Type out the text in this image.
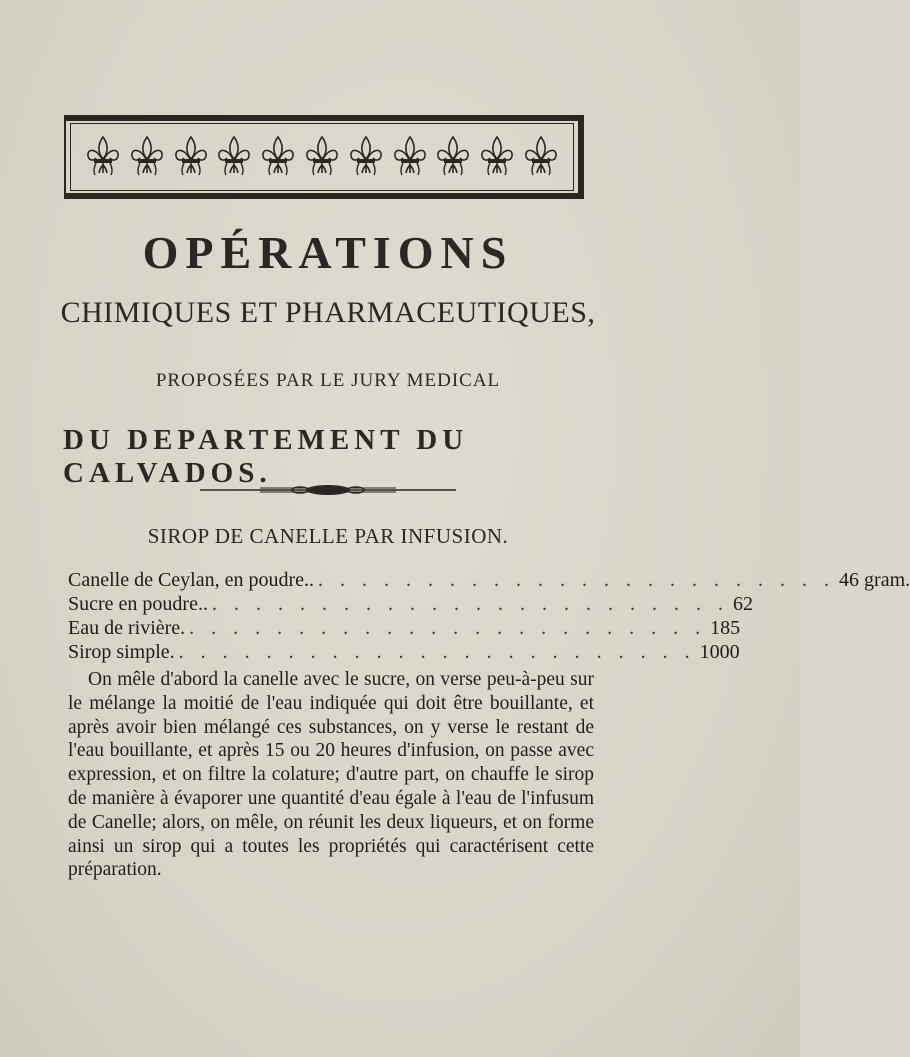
OPÉRATIONS
CHIMIQUES ET PHARMACEUTIQUES,
PROPOSÉES PAR LE JURY MEDICAL
DU DEPARTEMENT DU CALVADOS.
SIROP DE CANELLE PAR INFUSION.
Canelle de Ceylan, en poudre.. . . . . . . . . . . . . . . . . . . . . . . . . 46 gram.
Sucre en poudre.. . . . . . . . . . . . . . . . . . . . . . . . . 62
Eau de rivière. . . . . . . . . . . . . . . . . . . . . . . . . 185
Sirop simple. . . . . . . . . . . . . . . . . . . . . . . . . 1000
On mêle d'abord la canelle avec le sucre, on verse peu-à-peu sur le mélange la moitié de l'eau indiquée qui doit être bouillante, et après avoir bien mélangé ces substances, on y verse le restant de l'eau bouillante, et après 15 ou 20 heures d'infusion, on passe avec expression, et on filtre la colature; d'autre part, on chauffe le sirop de manière à évaporer une quantité d'eau égale à l'eau de l'infusum de Canelle; alors, on mêle, on réunit les deux liqueurs, et on forme ainsi un sirop qui a toutes les propriétés qui caractérisent cette préparation.
